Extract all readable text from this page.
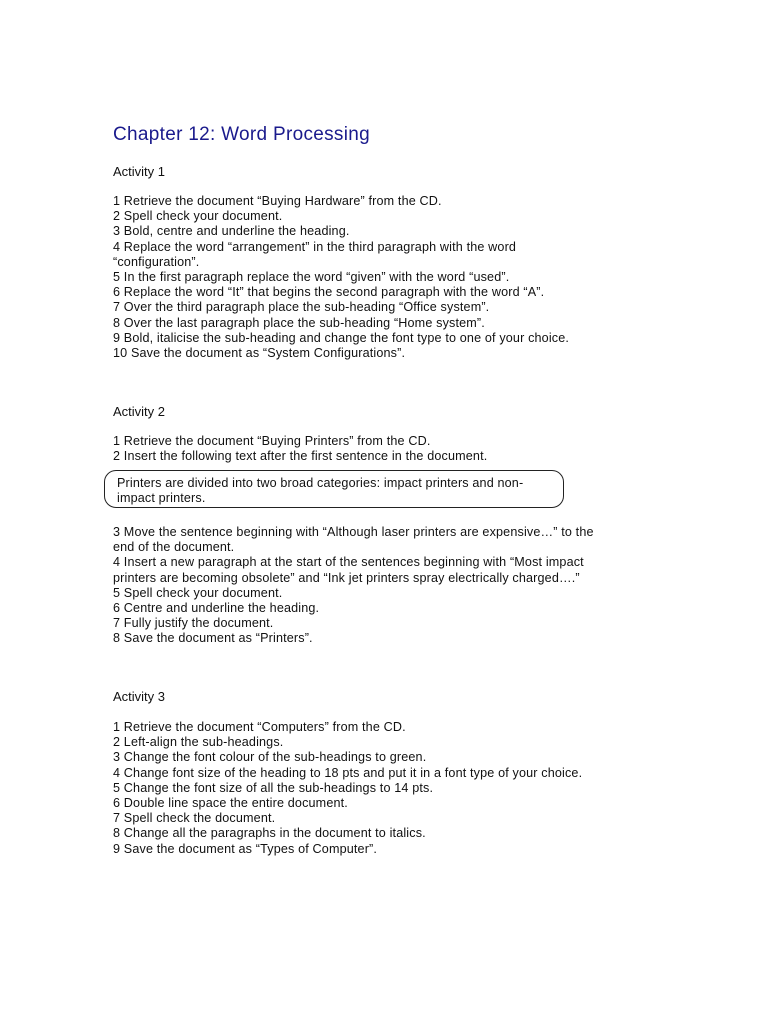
Chapter 12: Word Processing
Activity 1
1 Retrieve the document “Buying Hardware” from the CD.
2 Spell check your document.
3 Bold, centre and underline the heading.
4 Replace the word “arrangement” in the third paragraph with the word
“configuration”.
5 In the first paragraph replace the word “given” with the word “used”.
6 Replace the word “It” that begins the second paragraph with the word “A”.
7 Over the third paragraph place the sub-heading “Office system”.
8 Over the last paragraph place the sub-heading “Home system”.
9 Bold, italicise the sub-heading and change the font type to one of your choice.
10 Save the document as “System Configurations”.
Activity 2
1 Retrieve the document “Buying Printers” from the CD.
2 Insert the following text after the first sentence in the document.
Printers are divided into two broad categories: impact printers and non-impact printers.
3 Move the sentence beginning with “Although laser printers are expensive…” to the
end of the document.
4 Insert a new paragraph at the start of the sentences beginning with “Most impact
printers are becoming obsolete” and “Ink jet printers spray electrically charged….”
5 Spell check your document.
6 Centre and underline the heading.
7 Fully justify the document.
8 Save the document as “Printers”.
Activity 3
1 Retrieve the document “Computers” from the CD.
2 Left-align the sub-headings.
3 Change the font colour of the sub-headings to green.
4 Change font size of the heading to 18 pts and put it in a font type of your choice.
5 Change the font size of all the sub-headings to 14 pts.
6 Double line space the entire document.
7 Spell check the document.
8 Change all the paragraphs in the document to italics.
9 Save the document as “Types of Computer”.
